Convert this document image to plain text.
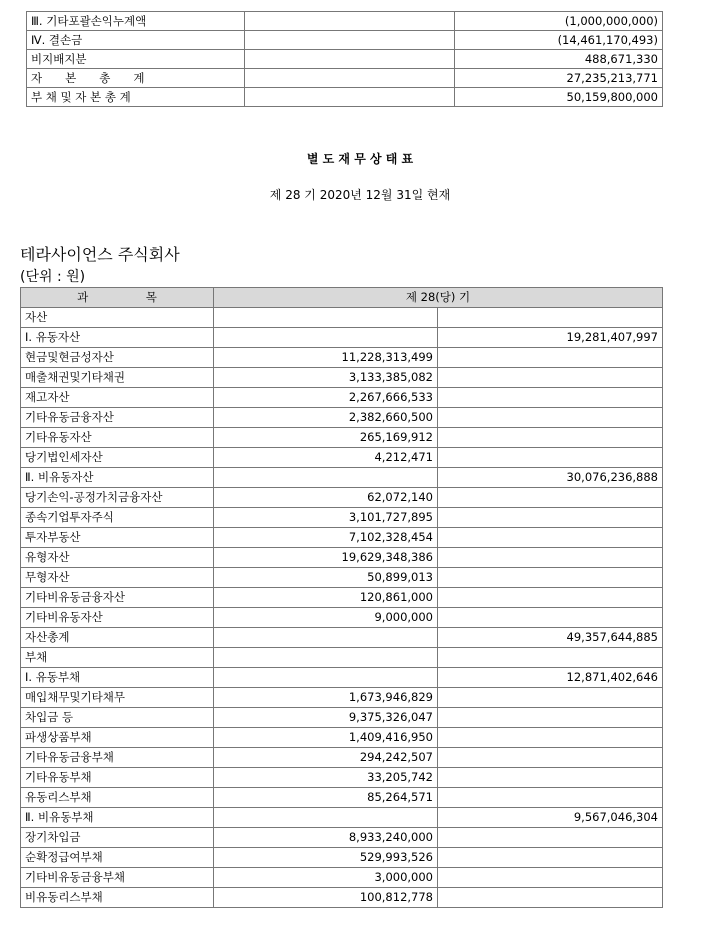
Ⅲ. 기타포괄손익누계액		(1,000,000,000)
Ⅳ. 결손금		(14,461,170,493)
비지배지분		488,671,330
자　　본　　총　　계		27,235,213,771
부 채 및 자 본 총 계		50,159,800,000
별 도 재 무 상 태 표
제 28 기 2020년 12월 31일 현재
테라사이언스 주식회사
(단위 : 원)
과　　　　　목	제 28(당) 기	
자산		
Ⅰ. 유동자산		19,281,407,997
현금및현금성자산	11,228,313,499	
매출채권및기타채권	3,133,385,082	
재고자산	2,267,666,533	
기타유동금융자산	2,382,660,500	
기타유동자산	265,169,912	
당기법인세자산	4,212,471	
Ⅱ. 비유동자산		30,076,236,888
당기손익-공정가치금융자산	62,072,140	
종속기업투자주식	3,101,727,895	
투자부동산	7,102,328,454	
유형자산	19,629,348,386	
무형자산	50,899,013	
기타비유동금융자산	120,861,000	
기타비유동자산	9,000,000	
자산총계		49,357,644,885
부채		
Ⅰ. 유동부채		12,871,402,646
매입채무및기타채무	1,673,946,829	
차입금 등	9,375,326,047	
파생상품부채	1,409,416,950	
기타유동금융부채	294,242,507	
기타유동부채	33,205,742	
유동리스부채	85,264,571	
Ⅱ. 비유동부채		9,567,046,304
장기차입금	8,933,240,000	
순확정급여부채	529,993,526	
기타비유동금융부채	3,000,000	
비유동리스부채	100,812,778	
